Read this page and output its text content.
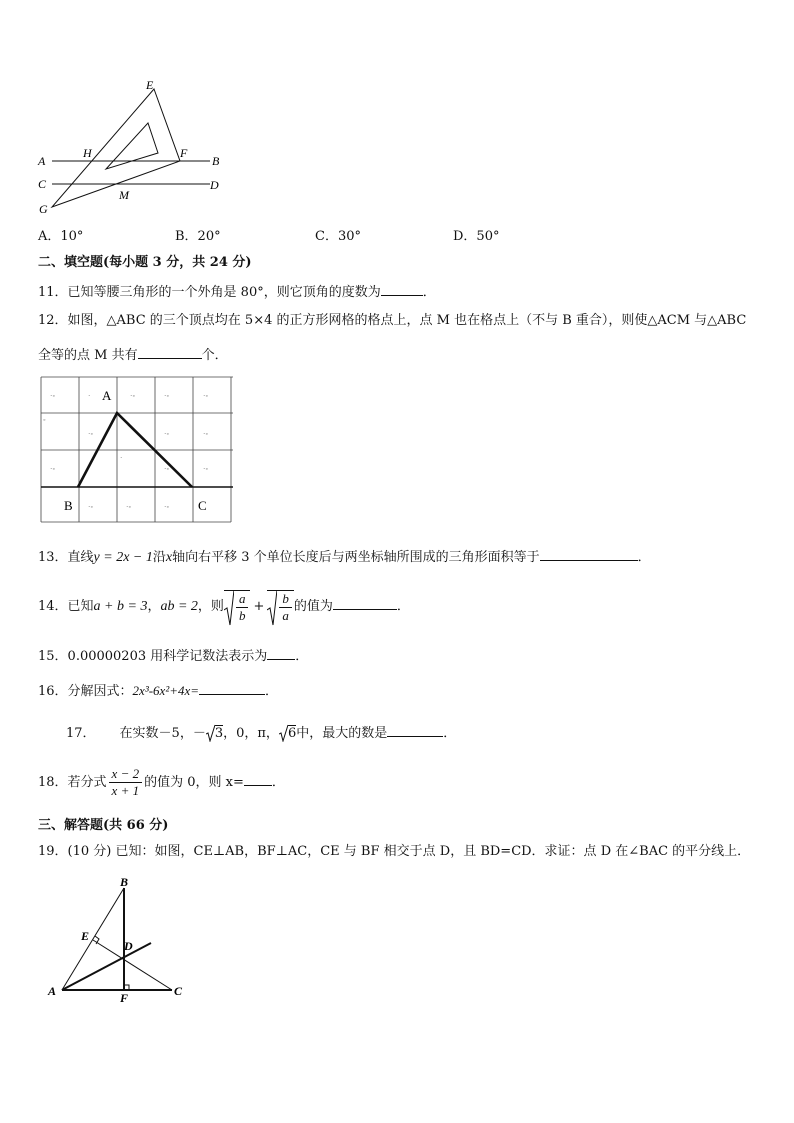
E
H	F
A	B
C	D
M
G
A．10°	B．20°	C．30°	D．50°
二、填空题(每小题 3 分，共 24 分)
11．已知等腰三角形的一个外角是 80°，则它顶角的度数为	．
12．如图，△ABC 的三个顶点均在 5×4 的正方形网格的格点上，点 M 也在格点上（不与 B 重合），则使△ACM 与△ABC
全等的点 M 共有	个．
·◦	·	·◦	·◦	·◦
◦
·◦	·◦	·◦
·◦
·
·◦	·◦
·◦	·◦	·◦
A
B	C
13．直线y = 2x − 1沿x轴向右平移 3 个单位长度后与两坐标轴所围成的三角形面积等于	．
14．已知a + b = 3，ab = 2，则 $\frac{a}{b} + \frac{b}{a}$ 的值为	．
15．0.00000203 用科学记数法表示为 ．
16．分解因式：2x³-6x²+4x=	．
17． 在实数－5，－ 3，0，π， 6中，最大的数是	．
18．若分式 $\frac{x - 2}{x + 1}$ 的值为 0，则 x= ．
三、解答题(共 66 分)
19．(10 分) 已知：如图，CE⊥AB，BF⊥AC，CE 与 BF 相交于点 D，且 BD=CD．求证：点 D 在∠BAC 的平分线上．
B
E
D
A	F	C
